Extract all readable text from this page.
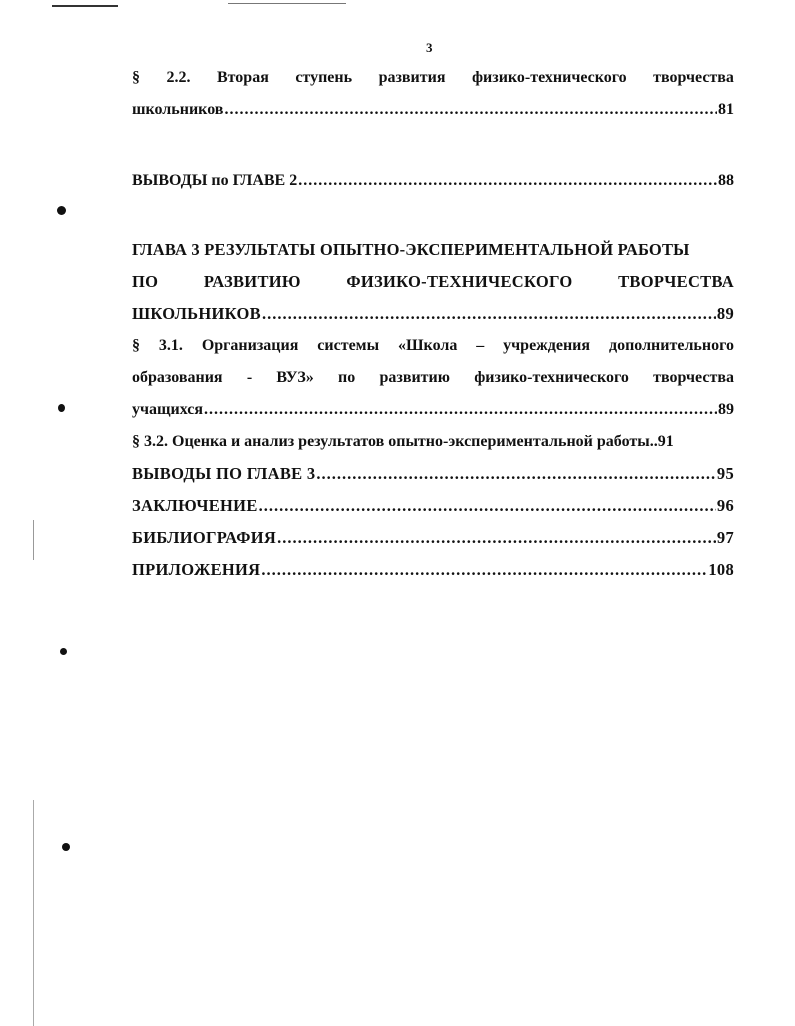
3
§ 2.2. Вторая ступень развития физико-технического творчества
школьников .....	81
ВЫВОДЫ по ГЛАВЕ 2 .....	88
ГЛАВА 3 РЕЗУЛЬТАТЫ ОПЫТНО-ЭКСПЕРИМЕНТАЛЬНОЙ РАБОТЫ
ПО	РАЗВИТИЮ	ФИЗИКО-ТЕХНИЧЕСКОГО	ТВОРЧЕСТВА
ШКОЛЬНИКОВ .....	89
§ 3.1. Организация системы «Школа – учреждения дополнительного
образования - ВУЗ» по развитию физико-технического творчества
учащихся .....	89
§ 3.2. Оценка и анализ результатов опытно-экспериментальной работы..91
ВЫВОДЫ ПО ГЛАВЕ 3 .....	95
ЗАКЛЮЧЕНИЕ .....	96
БИБЛИОГРАФИЯ .....	97
ПРИЛОЖЕНИЯ .....	108
